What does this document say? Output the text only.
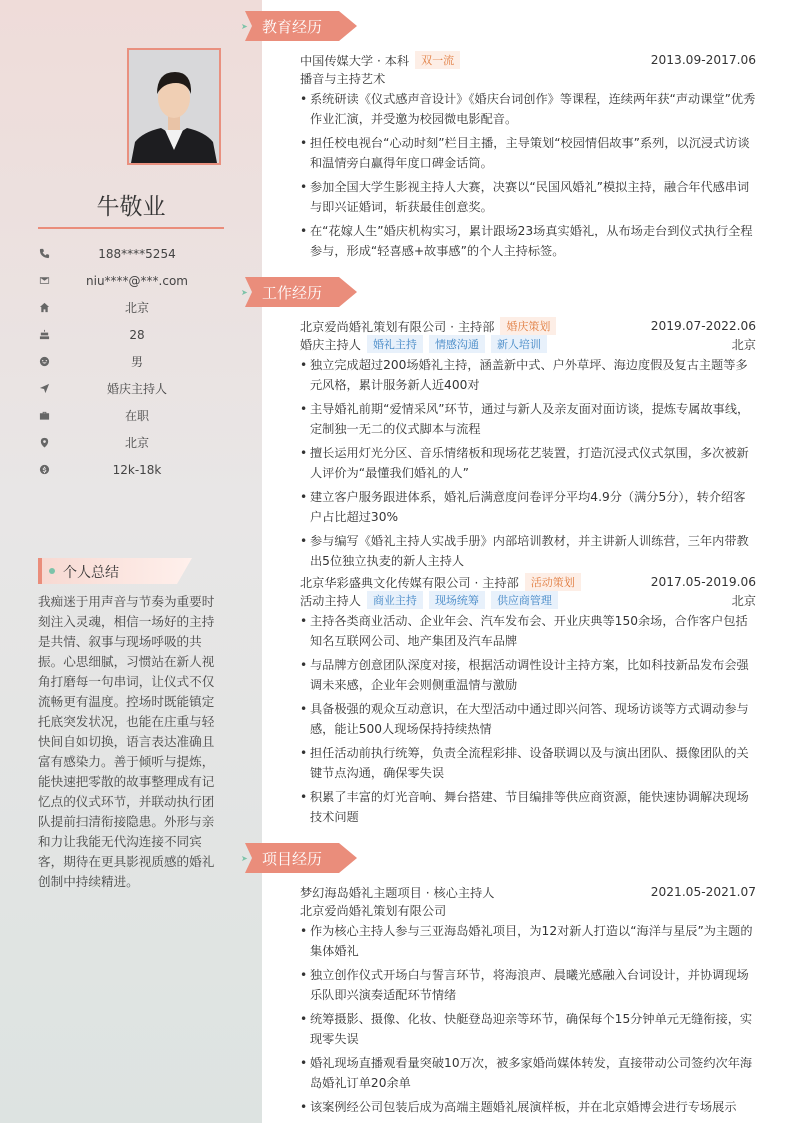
牛敬业
188****5254
niu****@***.com
北京
28
男
婚庆主持人
在职
北京
12k-18k
个人总结
我痴迷于用声音与节奏为重要时刻注入灵魂，相信一场好的主持是共情、叙事与现场呼吸的共振。心思细腻，习惯站在新人视角打磨每一句串词，让仪式不仅流畅更有温度。控场时既能镇定托底突发状况，也能在庄重与轻快间自如切换，语言表达准确且富有感染力。善于倾听与提炼，能快速把零散的故事整理成有记忆点的仪式环节，并联动执行团队提前扫清衔接隐患。外形与亲和力让我能无代沟连接不同宾客，期待在更具影视质感的婚礼创制中持续精进。
➤ 教育经历
中国传媒大学 · 本科	双一流	2013.09-2017.06
播音与主持艺术
• 系统研读《仪式感声音设计》《婚庆台词创作》等课程，连续两年获“声动课堂”优秀作业汇演，并受邀为校园微电影配音。
• 担任校电视台“心动时刻”栏目主播，主导策划“校园情侣故事”系列，以沉浸式访谈和温情旁白赢得年度口碑金话筒。
• 参加全国大学生影视主持人大赛，决赛以“民国风婚礼”模拟主持，融合年代感串词与即兴证婚词，斩获最佳创意奖。
• 在“花嫁人生”婚庆机构实习，累计跟场23场真实婚礼，从布场走台到仪式执行全程参与，形成“轻喜感+故事感”的个人主持标签。
➤ 工作经历
北京爱尚婚礼策划有限公司 · 主持部	婚庆策划	2019.07-2022.06
婚庆主持人	婚礼主持	情感沟通	新人培训	北京
• 独立完成超过200场婚礼主持，涵盖新中式、户外草坪、海边度假及复古主题等多元风格，累计服务新人近400对
• 主导婚礼前期“爱情采风”环节，通过与新人及亲友面对面访谈，提炼专属故事线，定制独一无二的仪式脚本与流程
• 擅长运用灯光分区、音乐情绪板和现场花艺装置，打造沉浸式仪式氛围，多次被新人评价为“最懂我们婚礼的人”
• 建立客户服务跟进体系，婚礼后满意度问卷评分平均4.9分（满分5分），转介绍客户占比超过30%
• 参与编写《婚礼主持人实战手册》内部培训教材，并主讲新人训练营，三年内带教出5位独立执麦的新人主持人
北京华彩盛典文化传媒有限公司 · 主持部	活动策划	2017.05-2019.06
活动主持人	商业主持	现场统筹	供应商管理	北京
• 主持各类商业活动、企业年会、汽车发布会、开业庆典等150余场，合作客户包括知名互联网公司、地产集团及汽车品牌
• 与品牌方创意团队深度对接，根据活动调性设计主持方案，比如科技新品发布会强调未来感，企业年会则侧重温情与激励
• 具备极强的观众互动意识，在大型活动中通过即兴问答、现场访谈等方式调动参与感，能让500人现场保持持续热情
• 担任活动前执行统筹，负责全流程彩排、设备联调以及与演出团队、摄像团队的关键节点沟通，确保零失误
• 积累了丰富的灯光音响、舞台搭建、节目编排等供应商资源，能快速协调解决现场技术问题
➤ 项目经历
梦幻海岛婚礼主题项目 · 核心主持人	2021.05-2021.07
北京爱尚婚礼策划有限公司
• 作为核心主持人参与三亚海岛婚礼项目，为12对新人打造以“海洋与星辰”为主题的集体婚礼
• 独立创作仪式开场白与誓言环节，将海浪声、晨曦光感融入台词设计，并协调现场乐队即兴演奏适配环节情绪
• 统筹摄影、摄像、化妆、快艇登岛迎亲等环节，确保每个15分钟单元无缝衔接，实现零失误
• 婚礼现场直播观看量突破10万次，被多家婚尚媒体转发，直接带动公司签约次年海岛婚礼订单20余单
• 该案例经公司包装后成为高端主题婚礼展演样板，并在北京婚博会进行专场展示
